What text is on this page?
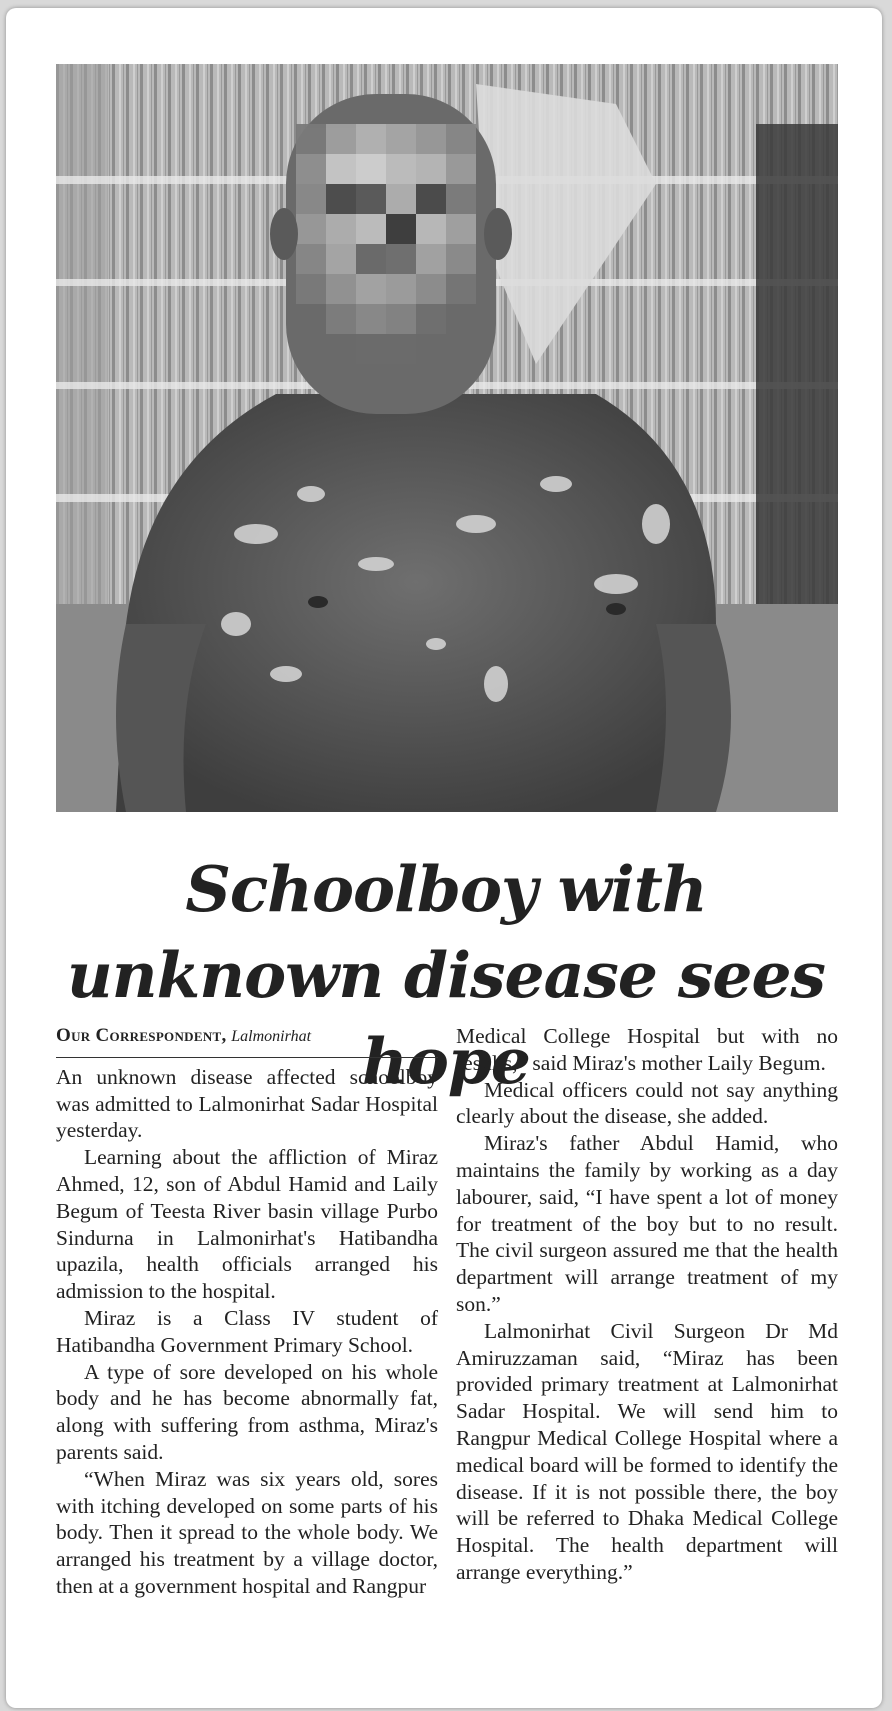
Schoolboy with unknown disease sees hope
Our Correspondent, Lalmonirhat

An unknown disease affected schoolboy was admitted to Lalmonirhat Sadar Hospital yesterday.

Learning about the affliction of Miraz Ahmed, 12, son of Abdul Hamid and Laily Begum of Teesta River basin village Purbo Sindurna in Lalmonirhat's Hatibandha upazila, health officials arranged his admission to the hospital.

Miraz is a Class IV student of Hatibandha Government Primary School.

A type of sore developed on his whole body and he has become abnormally fat, along with suffering from asthma, Miraz's parents said.

“When Miraz was six years old, sores with itching developed on some parts of his body. Then it spread to the whole body. We arranged his treatment by a village doctor, then at a government hospital and Rangpur

Medical College Hospital but with no results,” said Miraz's mother Laily Begum.

Medical officers could not say anything clearly about the disease, she added.

Miraz's father Abdul Hamid, who maintains the family by working as a day labourer, said, “I have spent a lot of money for treatment of the boy but to no result. The civil surgeon assured me that the health department will arrange treatment of my son.”

Lalmonirhat Civil Surgeon Dr Md Amiruzzaman said, “Miraz has been provided primary treatment at Lalmonirhat Sadar Hospital. We will send him to Rangpur Medical College Hospital where a medical board will be formed to identify the disease. If it is not possible there, the boy will be referred to Dhaka Medical College Hospital. The health department will arrange everything.”
